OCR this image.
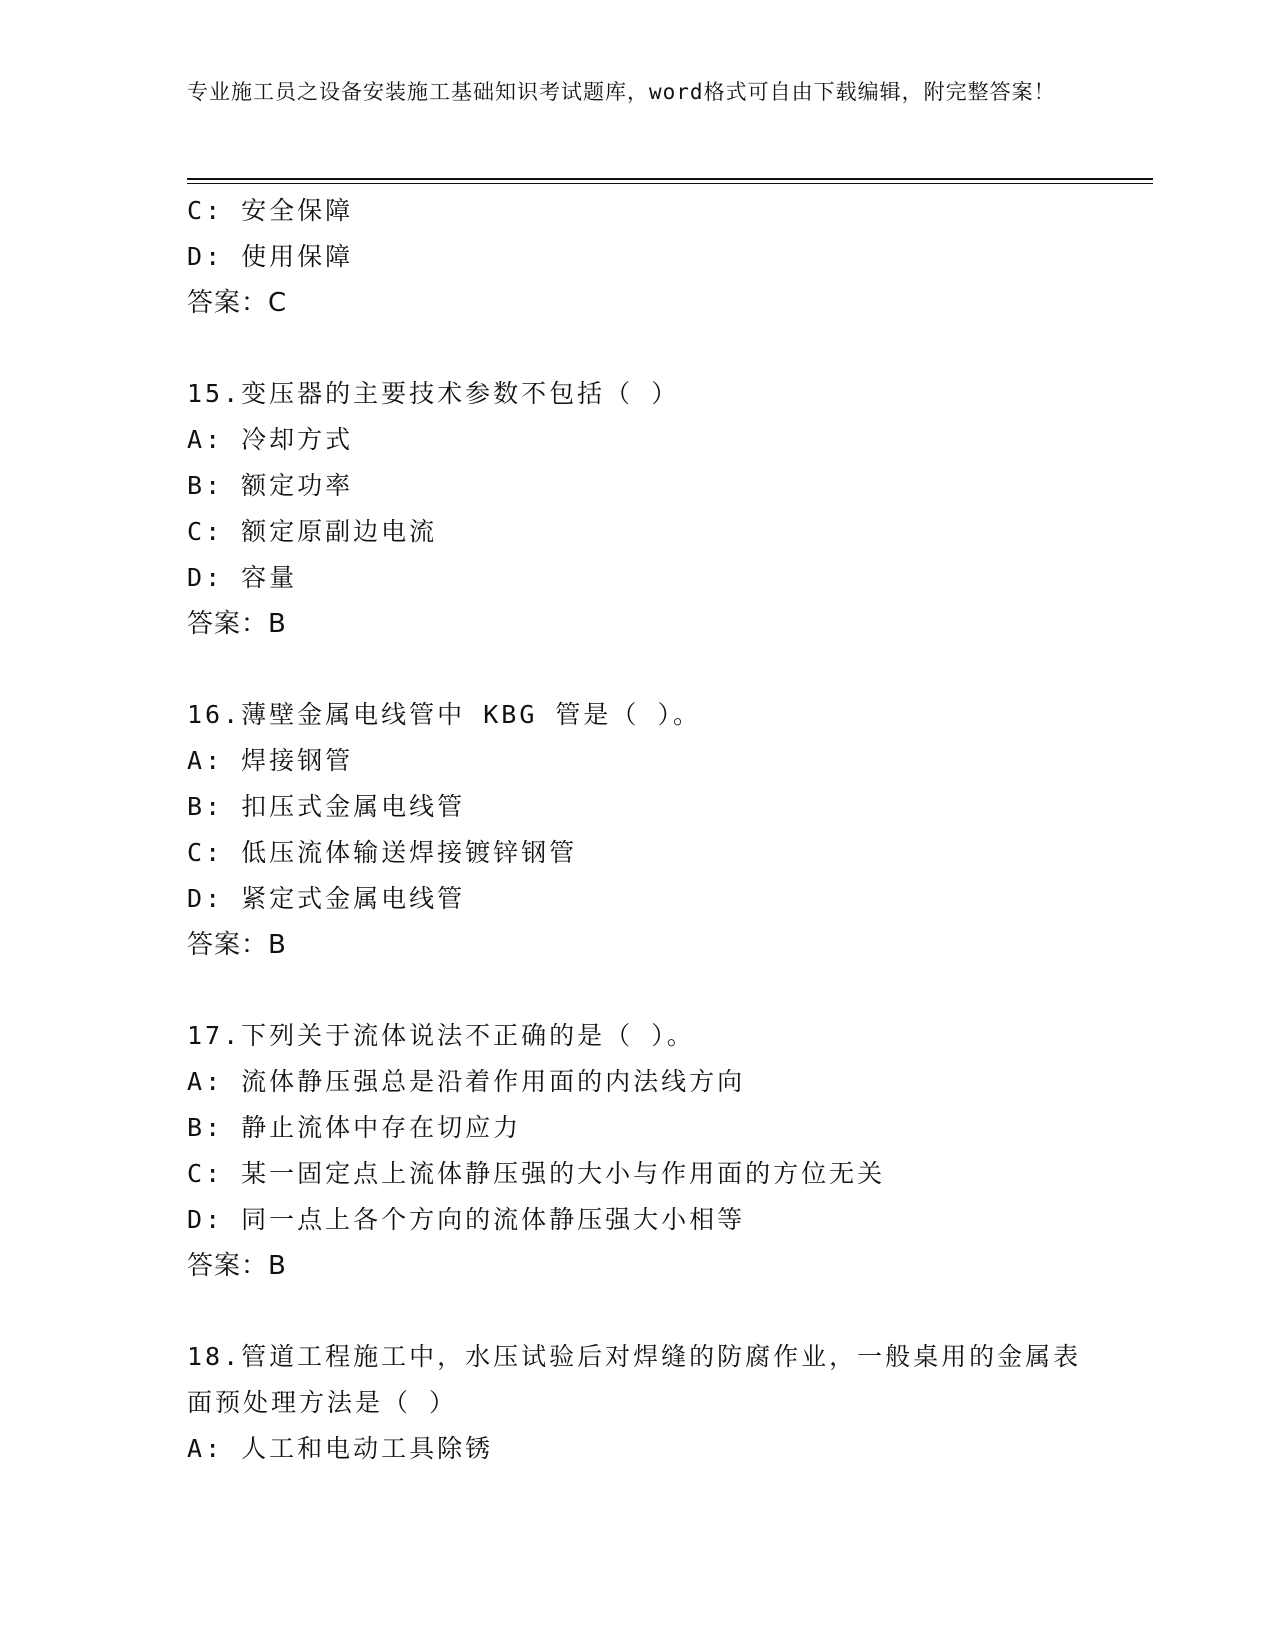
专业施工员之设备安装施工基础知识考试题库，word格式可自由下载编辑，附完整答案！
C: 安全保障
D: 使用保障
答案：C
15.变压器的主要技术参数不包括（ ）
A: 冷却方式
B: 额定功率
C: 额定原副边电流
D: 容量
答案：B
16.薄壁金属电线管中 KBG 管是（ ）。
A: 焊接钢管
B: 扣压式金属电线管
C: 低压流体输送焊接镀锌钢管
D: 紧定式金属电线管
答案：B
17.下列关于流体说法不正确的是（ ）。
A: 流体静压强总是沿着作用面的内法线方向
B: 静止流体中存在切应力
C: 某一固定点上流体静压强的大小与作用面的方位无关
D: 同一点上各个方向的流体静压强大小相等
答案：B
18.管道工程施工中，水压试验后对焊缝的防腐作业，一般桌用的金属表面预处理方法是（ ）
A: 人工和电动工具除锈
